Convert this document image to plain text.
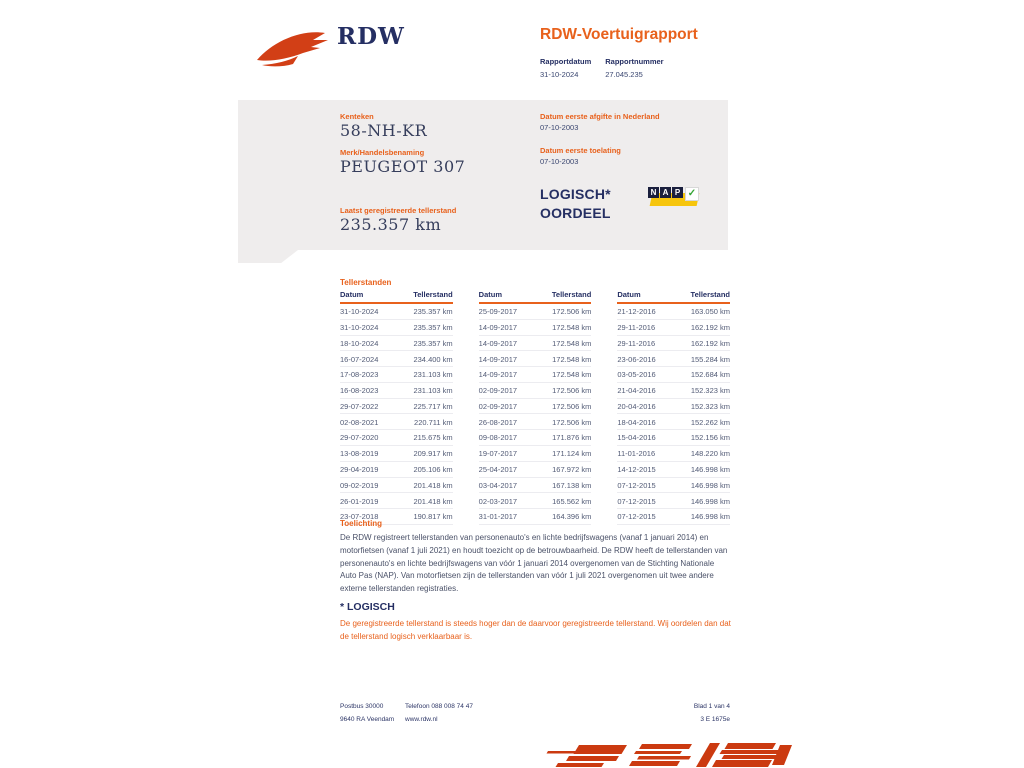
RDW	RDW-Voertuigrapport
Rapportdatum
31-10-2024
Rapportnummer
27.045.235
Kenteken
58-NH-KR
Merk/Handelsbenaming
PEUGEOT 307
Laatst geregistreerde tellerstand
235.357 km
Datum eerste afgifte in Nederland
07-10-2003
Datum eerste toelating
07-10-2003
LOGISCH*
OORDEEL
N A P ✓
Tellerstanden
Datum	Tellerstand
31-10-2024	235.357 km
31-10-2024	235.357 km
18-10-2024	235.357 km
16-07-2024	234.400 km
17-08-2023	231.103 km
16-08-2023	231.103 km
29-07-2022	225.717 km
02-08-2021	220.711 km
29-07-2020	215.675 km
13-08-2019	209.917 km
29-04-2019	205.106 km
09-02-2019	201.418 km
26-01-2019	201.418 km
23-07-2018	190.817 km
Datum	Tellerstand
25-09-2017	172.506 km
14-09-2017	172.548 km
14-09-2017	172.548 km
14-09-2017	172.548 km
14-09-2017	172.548 km
02-09-2017	172.506 km
02-09-2017	172.506 km
26-08-2017	172.506 km
09-08-2017	171.876 km
19-07-2017	171.124 km
25-04-2017	167.972 km
03-04-2017	167.138 km
02-03-2017	165.562 km
31-01-2017	164.396 km
Datum	Tellerstand
21-12-2016	163.050 km
29-11-2016	162.192 km
29-11-2016	162.192 km
23-06-2016	155.284 km
03-05-2016	152.684 km
21-04-2016	152.323 km
20-04-2016	152.323 km
18-04-2016	152.262 km
15-04-2016	152.156 km
11-01-2016	148.220 km
14-12-2015	146.998 km
07-12-2015	146.998 km
07-12-2015	146.998 km
07-12-2015	146.998 km
Toelichting
De RDW registreert tellerstanden van personenauto's en lichte bedrijfswagens (vanaf 1 januari 2014) en motorfietsen (vanaf 1 juli 2021) en houdt toezicht op de betrouwbaarheid. De RDW heeft de tellerstanden van personenauto's en lichte bedrijfswagens van vóór 1 januari 2014 overgenomen van de Stichting Nationale Auto Pas (NAP). Van motorfietsen zijn de tellerstanden van vóór 1 juli 2021 overgenomen uit twee andere externe tellerstanden registraties.
* LOGISCH
De geregistreerde tellerstand is steeds hoger dan de daarvoor geregistreerde tellerstand. Wij oordelen dan dat de tellerstand logisch verklaarbaar is.
Postbus 30000
9640 RA Veendam
Telefoon 088 008 74 47
www.rdw.nl
Blad 1 van 4
3 E 1675e
